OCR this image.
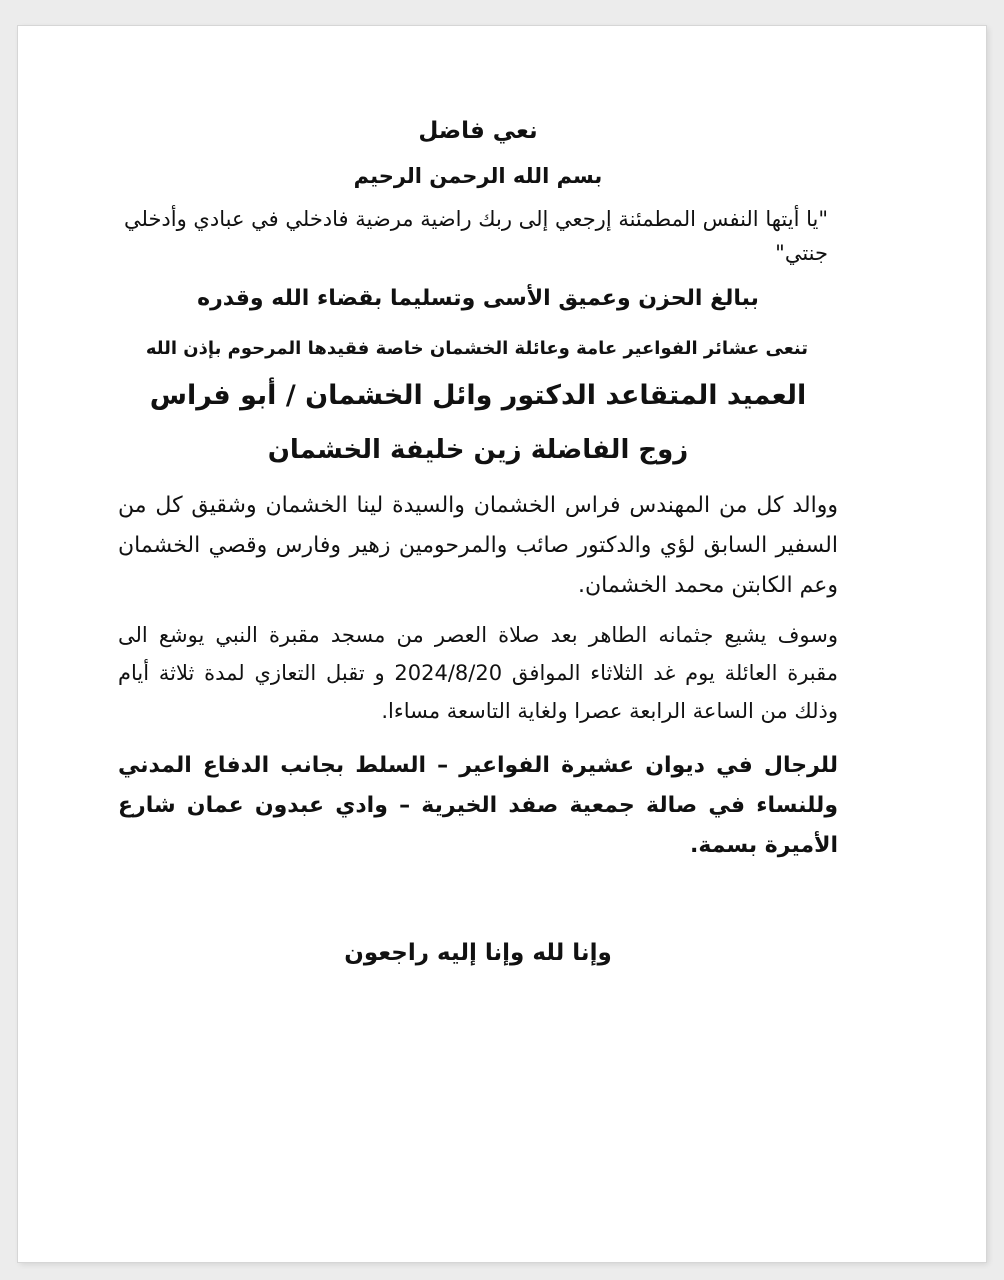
نعي فاضل

بسم الله الرحمن الرحيم

"يا أيتها النفس المطمئنة إرجعي إلى ربك راضية مرضية فادخلي في عبادي وأدخلي جنتي"

ببالغ الحزن وعميق الأسى وتسليما بقضاء الله وقدره

تنعى عشائر الفواعير عامة وعائلة الخشمان خاصة فقيدها المرحوم بإذن الله

العميد المتقاعد الدكتور وائل الخشمان / أبو فراس

زوج الفاضلة زين خليفة الخشمان

ووالد كل من المهندس فراس الخشمان والسيدة لينا الخشمان وشقيق كل من السفير السابق لؤي والدكتور صائب والمرحومين زهير وفارس وقصي الخشمان وعم الكابتن محمد الخشمان.

وسوف يشيع جثمانه الطاهر بعد صلاة العصر من مسجد مقبرة النبي يوشع الى مقبرة العائلة يوم غد الثلاثاء الموافق 2024/8/20 و تقبل التعازي لمدة ثلاثة أيام وذلك من الساعة الرابعة عصرا ولغاية التاسعة مساءا.

للرجال في ديوان عشيرة الفواعير – السلط بجانب الدفاع المدني وللنساء في صالة جمعية صفد الخيرية – وادي عبدون عمان شارع الأميرة بسمة.

وإنا لله وإنا إليه راجعون
